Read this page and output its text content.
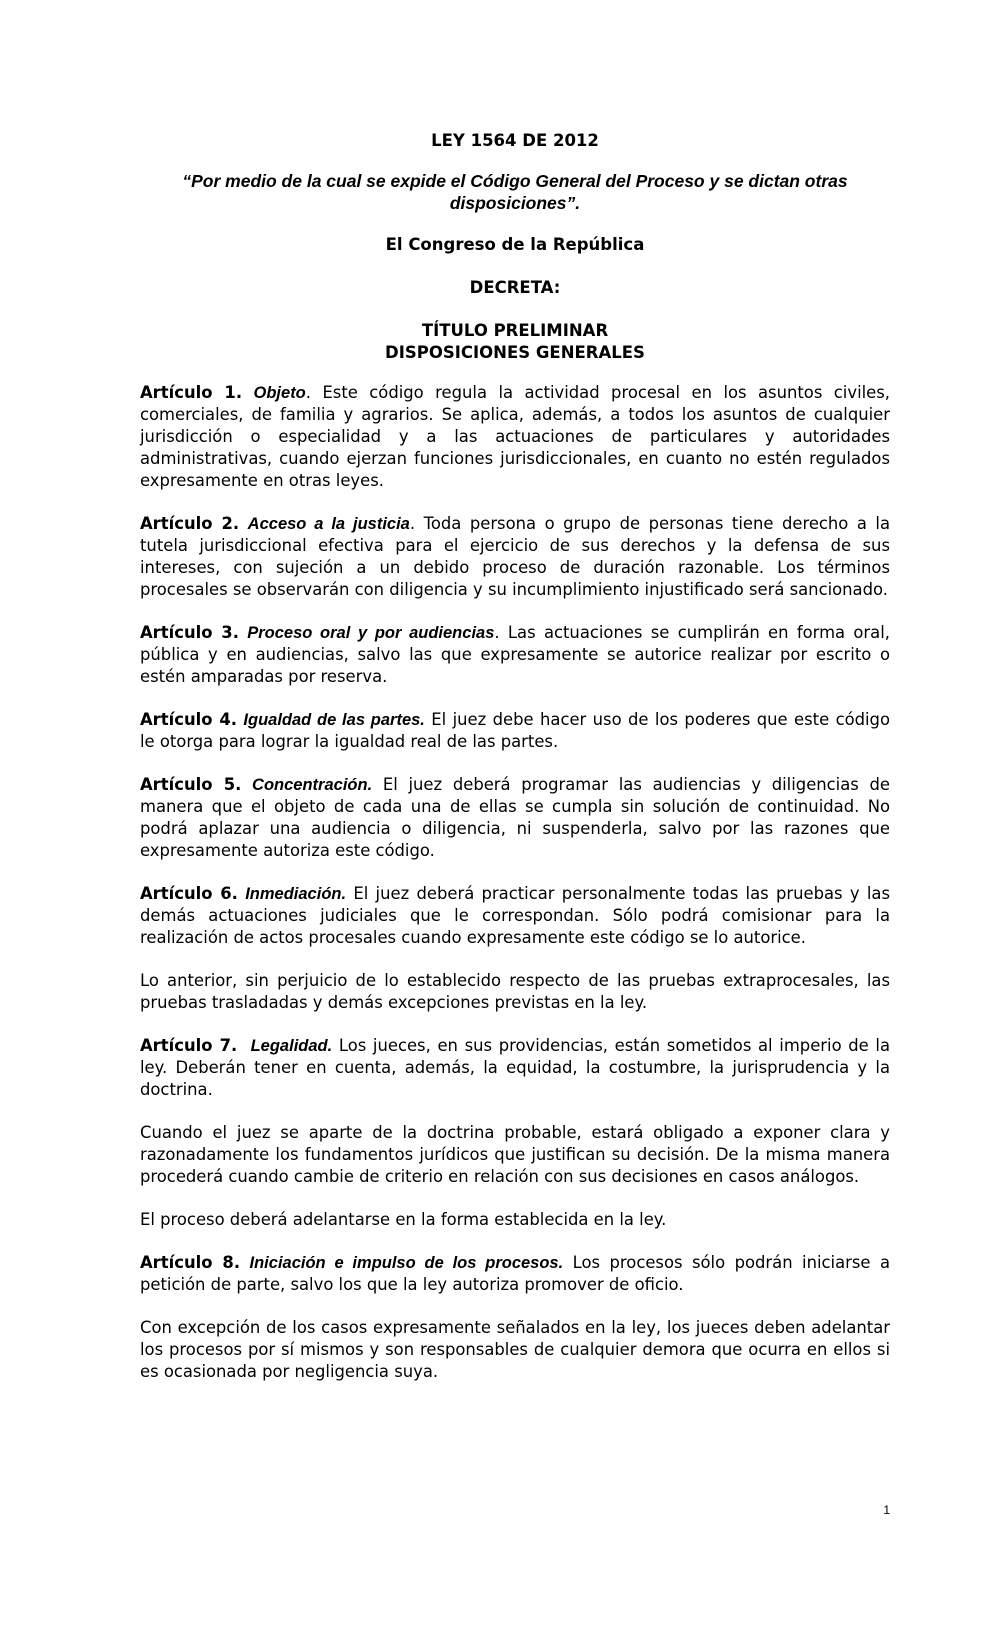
LEY 1564 DE 2012
“Por medio de la cual se expide el Código General del Proceso y se dictan otras disposiciones”.
El Congreso de la República
DECRETA:
TÍTULO PRELIMINAR
DISPOSICIONES GENERALES

Artículo 1. Objeto. Este código regula la actividad procesal en los asuntos civiles, comerciales, de familia y agrarios. Se aplica, además, a todos los asuntos de cualquier jurisdicción o especialidad y a las actuaciones de particulares y autoridades administrativas, cuando ejerzan funciones jurisdiccionales, en cuanto no estén regulados expresamente en otras leyes.

Artículo 2. Acceso a la justicia. Toda persona o grupo de personas tiene derecho a la tutela jurisdiccional efectiva para el ejercicio de sus derechos y la defensa de sus intereses, con sujeción a un debido proceso de duración razonable. Los términos procesales se observarán con diligencia y su incumplimiento injustificado será sancionado.

Artículo 3. Proceso oral y por audiencias. Las actuaciones se cumplirán en forma oral, pública y en audiencias, salvo las que expresamente se autorice realizar por escrito o estén amparadas por reserva.

Artículo 4. Igualdad de las partes. El juez debe hacer uso de los poderes que este código le otorga para lograr la igualdad real de las partes.

Artículo 5. Concentración. El juez deberá programar las audiencias y diligencias de manera que el objeto de cada una de ellas se cumpla sin solución de continuidad. No podrá aplazar una audiencia o diligencia, ni suspenderla, salvo por las razones que expresamente autoriza este código.

Artículo 6. Inmediación. El juez deberá practicar personalmente todas las pruebas y las demás actuaciones judiciales que le correspondan. Sólo podrá comisionar para la realización de actos procesales cuando expresamente este código se lo autorice.

Lo anterior, sin perjuicio de lo establecido respecto de las pruebas extraprocesales, las pruebas trasladadas y demás excepciones previstas en la ley.

Artículo 7. Legalidad. Los jueces, en sus providencias, están sometidos al imperio de la ley. Deberán tener en cuenta, además, la equidad, la costumbre, la jurisprudencia y la doctrina.

Cuando el juez se aparte de la doctrina probable, estará obligado a exponer clara y razonadamente los fundamentos jurídicos que justifican su decisión. De la misma manera procederá cuando cambie de criterio en relación con sus decisiones en casos análogos.

El proceso deberá adelantarse en la forma establecida en la ley.

Artículo 8. Iniciación e impulso de los procesos. Los procesos sólo podrán iniciarse a petición de parte, salvo los que la ley autoriza promover de oficio.

Con excepción de los casos expresamente señalados en la ley, los jueces deben adelantar los procesos por sí mismos y son responsables de cualquier demora que ocurra en ellos si es ocasionada por negligencia suya.

1
